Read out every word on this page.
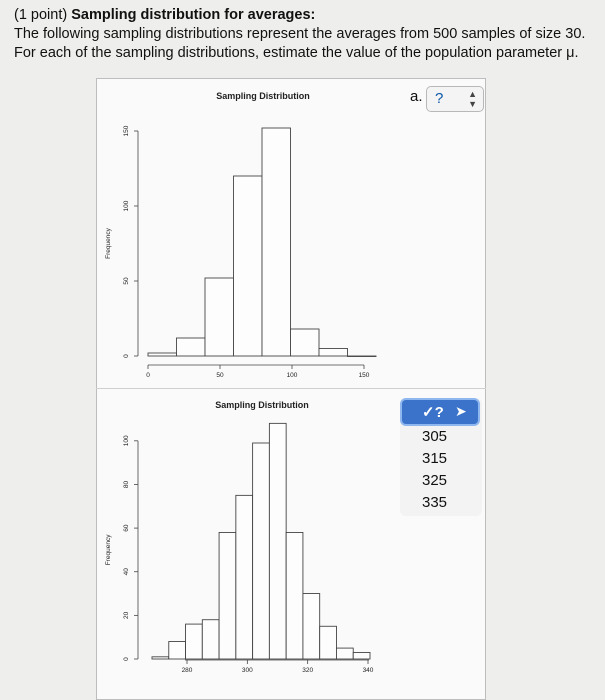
(1 point) Sampling distribution for averages:
The following sampling distributions represent the averages from 500 samples of size 30.
For each of the sampling distributions, estimate the value of the population parameter μ.
Sampling Distribution
0
50
100
150
Frequency
0	50	100	150
Sampling Distribution
0
20
40
60
80
100
Frequency
280	300	320	340
a. ?	▲
▼
✓?
305
315
325
335
➤
